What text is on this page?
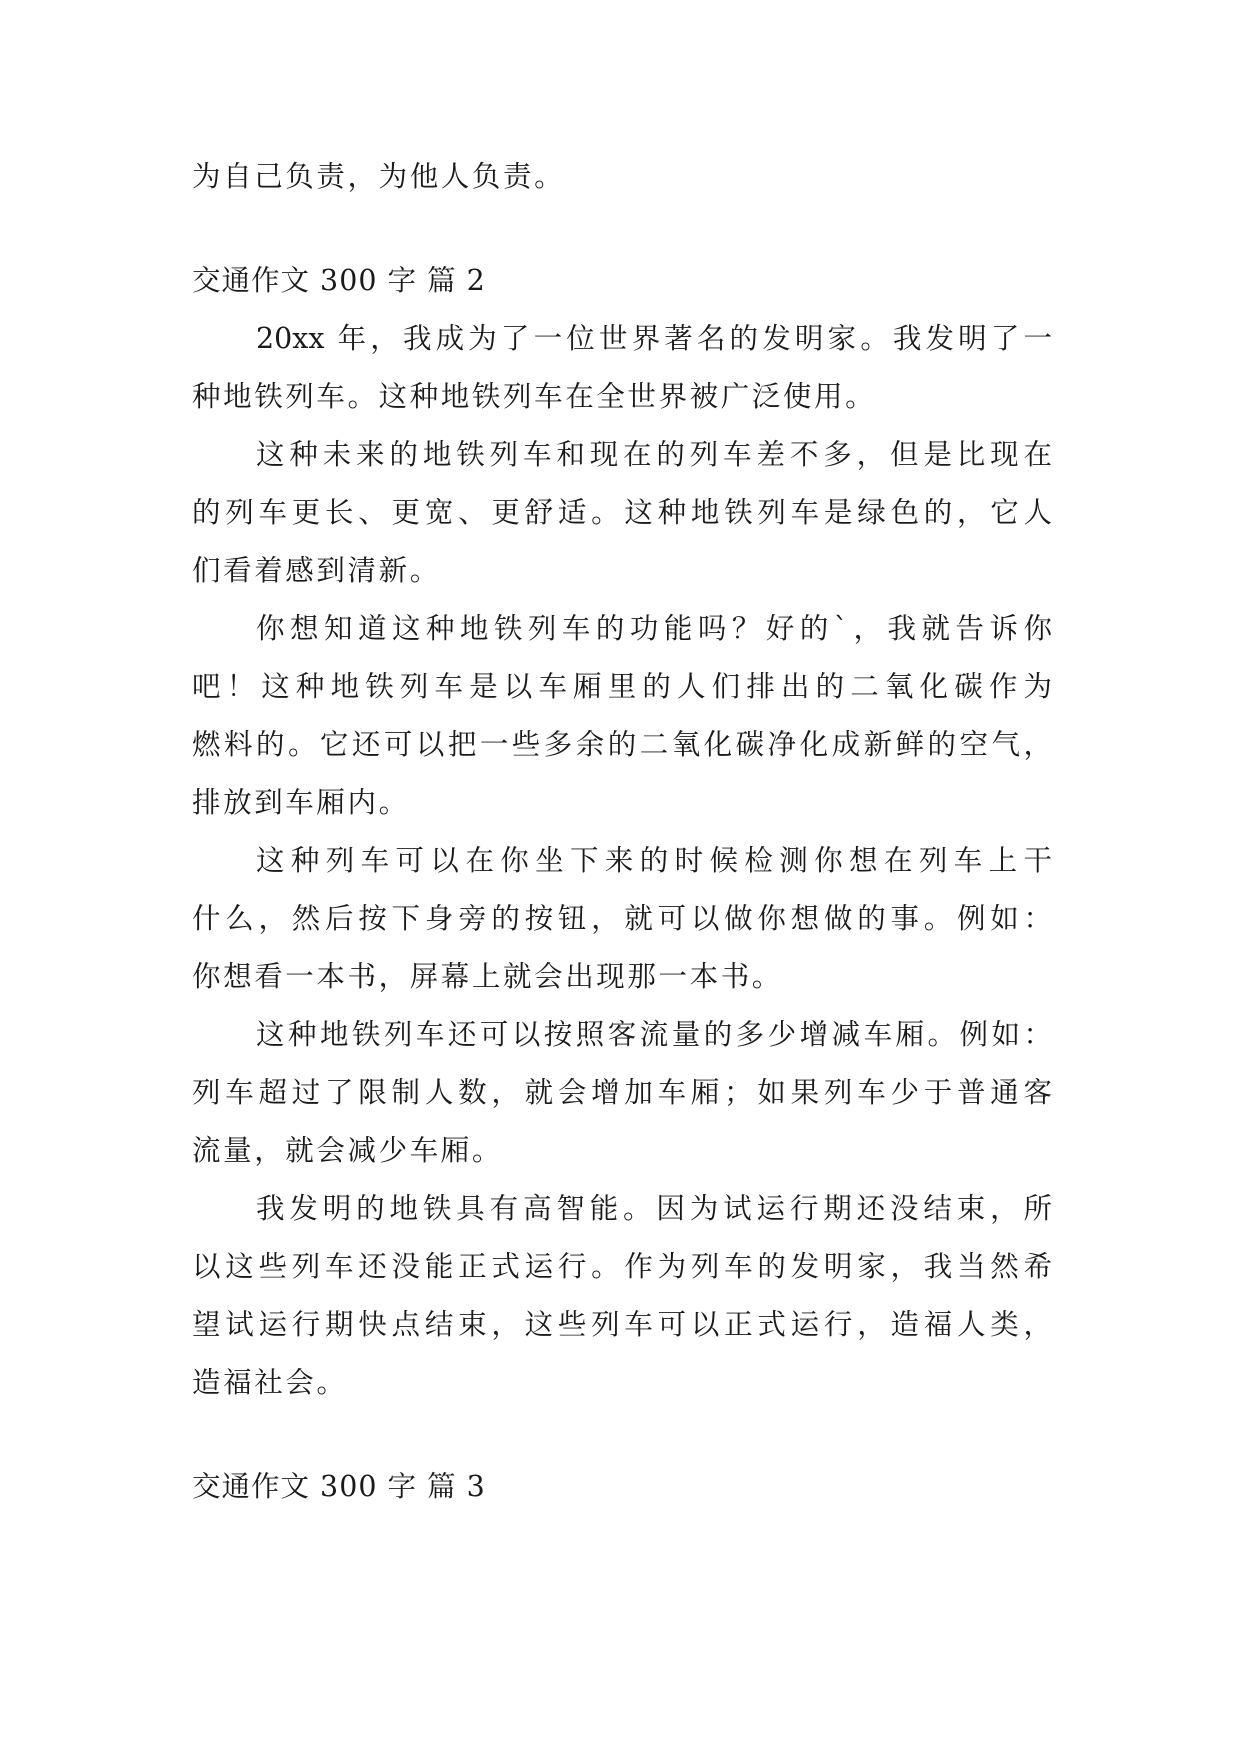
为自己负责，为他人负责。
交通作文 300 字 篇 2
20xx 年，我成为了一位世界著名的发明家。我发明了一
种地铁列车。这种地铁列车在全世界被广泛使用。
这种未来的地铁列车和现在的列车差不多，但是比现在
的列车更长、更宽、更舒适。这种地铁列车是绿色的，它人
们看着感到清新。
你想知道这种地铁列车的功能吗？好的`，我就告诉你
吧！这种地铁列车是以车厢里的人们排出的二氧化碳作为
燃料的。它还可以把一些多余的二氧化碳净化成新鲜的空气，
排放到车厢内。
这种列车可以在你坐下来的时候检测你想在列车上干
什么，然后按下身旁的按钮，就可以做你想做的事。例如：
你想看一本书，屏幕上就会出现那一本书。
这种地铁列车还可以按照客流量的多少增减车厢。例如：
列车超过了限制人数，就会增加车厢；如果列车少于普通客
流量，就会减少车厢。
我发明的地铁具有高智能。因为试运行期还没结束，所
以这些列车还没能正式运行。作为列车的发明家，我当然希
望试运行期快点结束，这些列车可以正式运行，造福人类，
造福社会。
交通作文 300 字 篇 3
